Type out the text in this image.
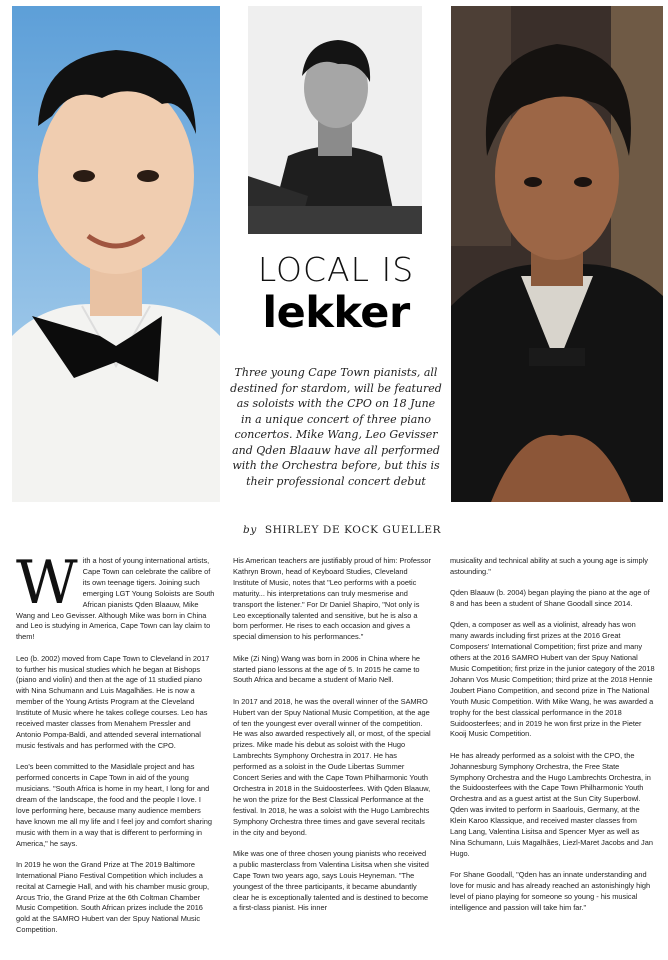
LOCAL IS
lekker
Three young Cape Town pianists, all destined for stardom, will be featured as soloists with the CPO on 18 June in a unique concert of three piano concertos. Mike Wang, Leo Gevisser and Qden Blaauw have all performed with the Orchestra before, but this is their professional concert debut
by SHIRLEY DE KOCK GUELLER

With a host of young international artists, Cape Town can celebrate the calibre of its own teenage tigers. Joining such emerging LGT Young Soloists are South African pianists Qden Blaauw, Mike Wang and Leo Gevisser. Although Mike was born in China and Leo is studying in America, Cape Town can lay claim to them!

Leo (b. 2002) moved from Cape Town to Cleveland in 2017 to further his musical studies which he began at Bishops (piano and violin) and then at the age of 11 studied piano with Nina Schumann and Luis Magalhães. He is now a member of the Young Artists Program at the Cleveland Institute of Music where he takes college courses. Leo has received master classes from Menahem Pressler and Antonio Pompa-Baldi, and attended several international music festivals and has performed with the CPO.

Leo's been committed to the Masidlale project and has performed concerts in Cape Town in aid of the young musicians. "South Africa is home in my heart, I long for and dream of the landscape, the food and the people I love. I love performing here, because many audience members have known me all my life and I feel joy and comfort sharing music with them in a way that is different to performing in America," he says.

In 2019 he won the Grand Prize at The 2019 Baltimore International Piano Festival Competition which includes a recital at Carnegie Hall, and with his chamber music group, Arcus Trio, the Grand Prize at the 6th Coltman Chamber Music Competition. South African prizes include the 2016 gold at the SAMRO Hubert van der Spuy National Music Competition.

His American teachers are justifiably proud of him: Professor Kathryn Brown, head of Keyboard Studies, Cleveland Institute of Music, notes that "Leo performs with a poetic maturity... his interpretations can truly mesmerise and transport the listener." For Dr Daniel Shapiro, "Not only is Leo exceptionally talented and sensitive, but he is also a born performer. He rises to each occasion and gives a special dimension to his performances."

Mike (Zi Ning) Wang was born in 2006 in China where he started piano lessons at the age of 5. In 2015 he came to South Africa and became a student of Mario Nell.

In 2017 and 2018, he was the overall winner of the SAMRO Hubert van der Spuy National Music Competition, at the age of ten the youngest ever overall winner of the competition. He was also awarded respectively all, or most, of the special prizes. Mike made his debut as soloist with the Hugo Lambrechts Symphony Orchestra in 2017. He has performed as a soloist in the Oude Libertas Summer Concert Series and with the Cape Town Philharmonic Youth Orchestra in 2018 in the Suidoosterfees. With Qden Blaauw, he won the prize for the Best Classical Performance at the festival. In 2018, he was a soloist with the Hugo Lambrechts Symphony Orchestra three times and gave several recitals in the city and beyond.

Mike was one of three chosen young pianists who received a public masterclass from Valentina Lisitsa when she visited Cape Town two years ago, says Louis Heyneman. "The youngest of the three participants, it became abundantly clear he is exceptionally talented and is destined to become a first-class pianist. His inner

musicality and technical ability at such a young age is simply astounding."

Qden Blaauw (b. 2004) began playing the piano at the age of 8 and has been a student of Shane Goodall since 2014.

Qden, a composer as well as a violinist, already has won many awards including first prizes at the 2016 Great Composers' International Competition; first prize and many others at the 2016 SAMRO Hubert van der Spuy National Music Competition; first prize in the junior category of the 2018 Johann Vos Music Competition; third prize at the 2018 Hennie Joubert Piano Competition, and second prize in The National Youth Music Competition. With Mike Wang, he was awarded a trophy for the best classical performance in the 2018 Suidoosterfees; and in 2019 he won first prize in the Pieter Kooij Music Competition.

He has already performed as a soloist with the CPO, the Johannesburg Symphony Orchestra, the Free State Symphony Orchestra and the Hugo Lambrechts Orchestra, in the Suidoosterfees with the Cape Town Philharmonic Youth Orchestra and as a guest artist at the Sun City Superbowl. Qden was invited to perform in Saarlouis, Germany, at the Klein Karoo Klassique, and received master classes from Lang Lang, Valentina Lisitsa and Spencer Myer as well as Nina Schumann, Luis Magalhães, Liezl-Maret Jacobs and Jan Hugo.

For Shane Goodall, "Qden has an innate understanding and love for music and has already reached an astonishingly high level of piano playing for someone so young - his musical intelligence and passion will take him far."
